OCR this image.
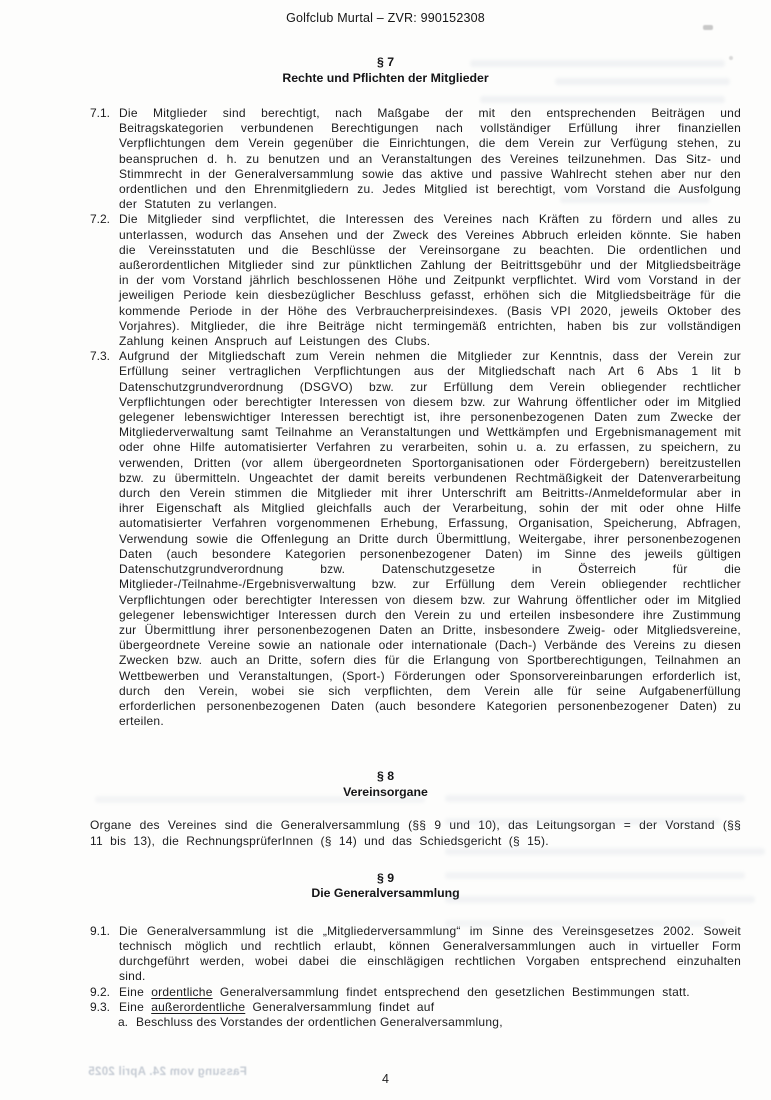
Golfclub Murtal – ZVR: 990152308
§ 7
Rechte und Pflichten der Mitglieder
7.1. Die Mitglieder sind berechtigt, nach Maßgabe der mit den entsprechenden Beiträgen und Beitragskategorien verbundenen Berechtigungen nach vollständiger Erfüllung ihrer finanziellen Verpflichtungen dem Verein gegenüber die Einrichtungen, die dem Verein zur Verfügung stehen, zu beanspruchen d. h. zu benutzen und an Veranstaltungen des Vereines teilzunehmen. Das Sitz- und Stimmrecht in der Generalversammlung sowie das aktive und passive Wahlrecht stehen aber nur den ordentlichen und den Ehrenmitgliedern zu. Jedes Mitglied ist berechtigt, vom Vorstand die Ausfolgung der Statuten zu verlangen.
7.2. Die Mitglieder sind verpflichtet, die Interessen des Vereines nach Kräften zu fördern und alles zu unterlassen, wodurch das Ansehen und der Zweck des Vereines Abbruch erleiden könnte. Sie haben die Vereinsstatuten und die Beschlüsse der Vereinsorgane zu beachten. Die ordentlichen und außerordentlichen Mitglieder sind zur pünktlichen Zahlung der Beitrittsgebühr und der Mitgliedsbeiträge in der vom Vorstand jährlich beschlossenen Höhe und Zeitpunkt verpflichtet. Wird vom Vorstand in der jeweiligen Periode kein diesbezüglicher Beschluss gefasst, erhöhen sich die Mitgliedsbeiträge für die kommende Periode in der Höhe des Verbraucherpreisindexes. (Basis VPI 2020, jeweils Oktober des Vorjahres). Mitglieder, die ihre Beiträge nicht termingemäß entrichten, haben bis zur vollständigen Zahlung keinen Anspruch auf Leistungen des Clubs.
7.3. Aufgrund der Mitgliedschaft zum Verein nehmen die Mitglieder zur Kenntnis, dass der Verein zur Erfüllung seiner vertraglichen Verpflichtungen aus der Mitgliedschaft nach Art 6 Abs 1 lit b Datenschutzgrundverordnung (DSGVO) bzw. zur Erfüllung dem Verein obliegender rechtlicher Verpflichtungen oder berechtigter Interessen von diesem bzw. zur Wahrung öffentlicher oder im Mitglied gelegener lebenswichtiger Interessen berechtigt ist, ihre personenbezogenen Daten zum Zwecke der Mitgliederverwaltung samt Teilnahme an Veranstaltungen und Wettkämpfen und Ergebnismanagement mit oder ohne Hilfe automatisierter Verfahren zu verarbeiten, sohin u. a. zu erfassen, zu speichern, zu verwenden, Dritten (vor allem übergeordneten Sportorganisationen oder Fördergebern) bereitzustellen bzw. zu übermitteln. Ungeachtet der damit bereits verbundenen Rechtmäßigkeit der Datenverarbeitung durch den Verein stimmen die Mitglieder mit ihrer Unterschrift am Beitritts-/Anmeldeformular aber in ihrer Eigenschaft als Mitglied gleichfalls auch der Verarbeitung, sohin der mit oder ohne Hilfe automatisierter Verfahren vorgenommenen Erhebung, Erfassung, Organisation, Speicherung, Abfragen, Verwendung sowie die Offenlegung an Dritte durch Übermittlung, Weitergabe, ihrer personenbezogenen Daten (auch besondere Kategorien personenbezogener Daten) im Sinne des jeweils gültigen Datenschutzgrundverordnung bzw. Datenschutzgesetze in Österreich für die Mitglieder-/Teilnahme-/Ergebnisverwaltung bzw. zur Erfüllung dem Verein obliegender rechtlicher Verpflichtungen oder berechtigter Interessen von diesem bzw. zur Wahrung öffentlicher oder im Mitglied gelegener lebenswichtiger Interessen durch den Verein zu und erteilen insbesondere ihre Zustimmung zur Übermittlung ihrer personenbezogenen Daten an Dritte, insbesondere Zweig- oder Mitgliedsvereine, übergeordnete Vereine sowie an nationale oder internationale (Dach-) Verbände des Vereins zu diesen Zwecken bzw. auch an Dritte, sofern dies für die Erlangung von Sportberechtigungen, Teilnahmen an Wettbewerben und Veranstaltungen, (Sport-) Förderungen oder Sponsorvereinbarungen erforderlich ist, durch den Verein, wobei sie sich verpflichten, dem Verein alle für seine Aufgabenerfüllung erforderlichen personenbezogenen Daten (auch besondere Kategorien personenbezogener Daten) zu erteilen.
§ 8
Vereinsorgane
Organe des Vereines sind die Generalversammlung (§§ 9 und 10), das Leitungsorgan = der Vorstand (§§ 11 bis 13), die RechnungsprüferInnen (§ 14) und das Schiedsgericht (§ 15).
§ 9
Die Generalversammlung
9.1. Die Generalversammlung ist die „Mitgliederversammlung“ im Sinne des Vereinsgesetzes 2002. Soweit technisch möglich und rechtlich erlaubt, können Generalversammlungen auch in virtueller Form durchgeführt werden, wobei dabei die einschlägigen rechtlichen Vorgaben entsprechend einzuhalten sind.
9.2. Eine ordentliche Generalversammlung findet entsprechend den gesetzlichen Bestimmungen statt.
9.3. Eine außerordentliche Generalversammlung findet auf
a. Beschluss des Vorstandes der ordentlichen Generalversammlung,
Fassung vom 24. April 2025	4
